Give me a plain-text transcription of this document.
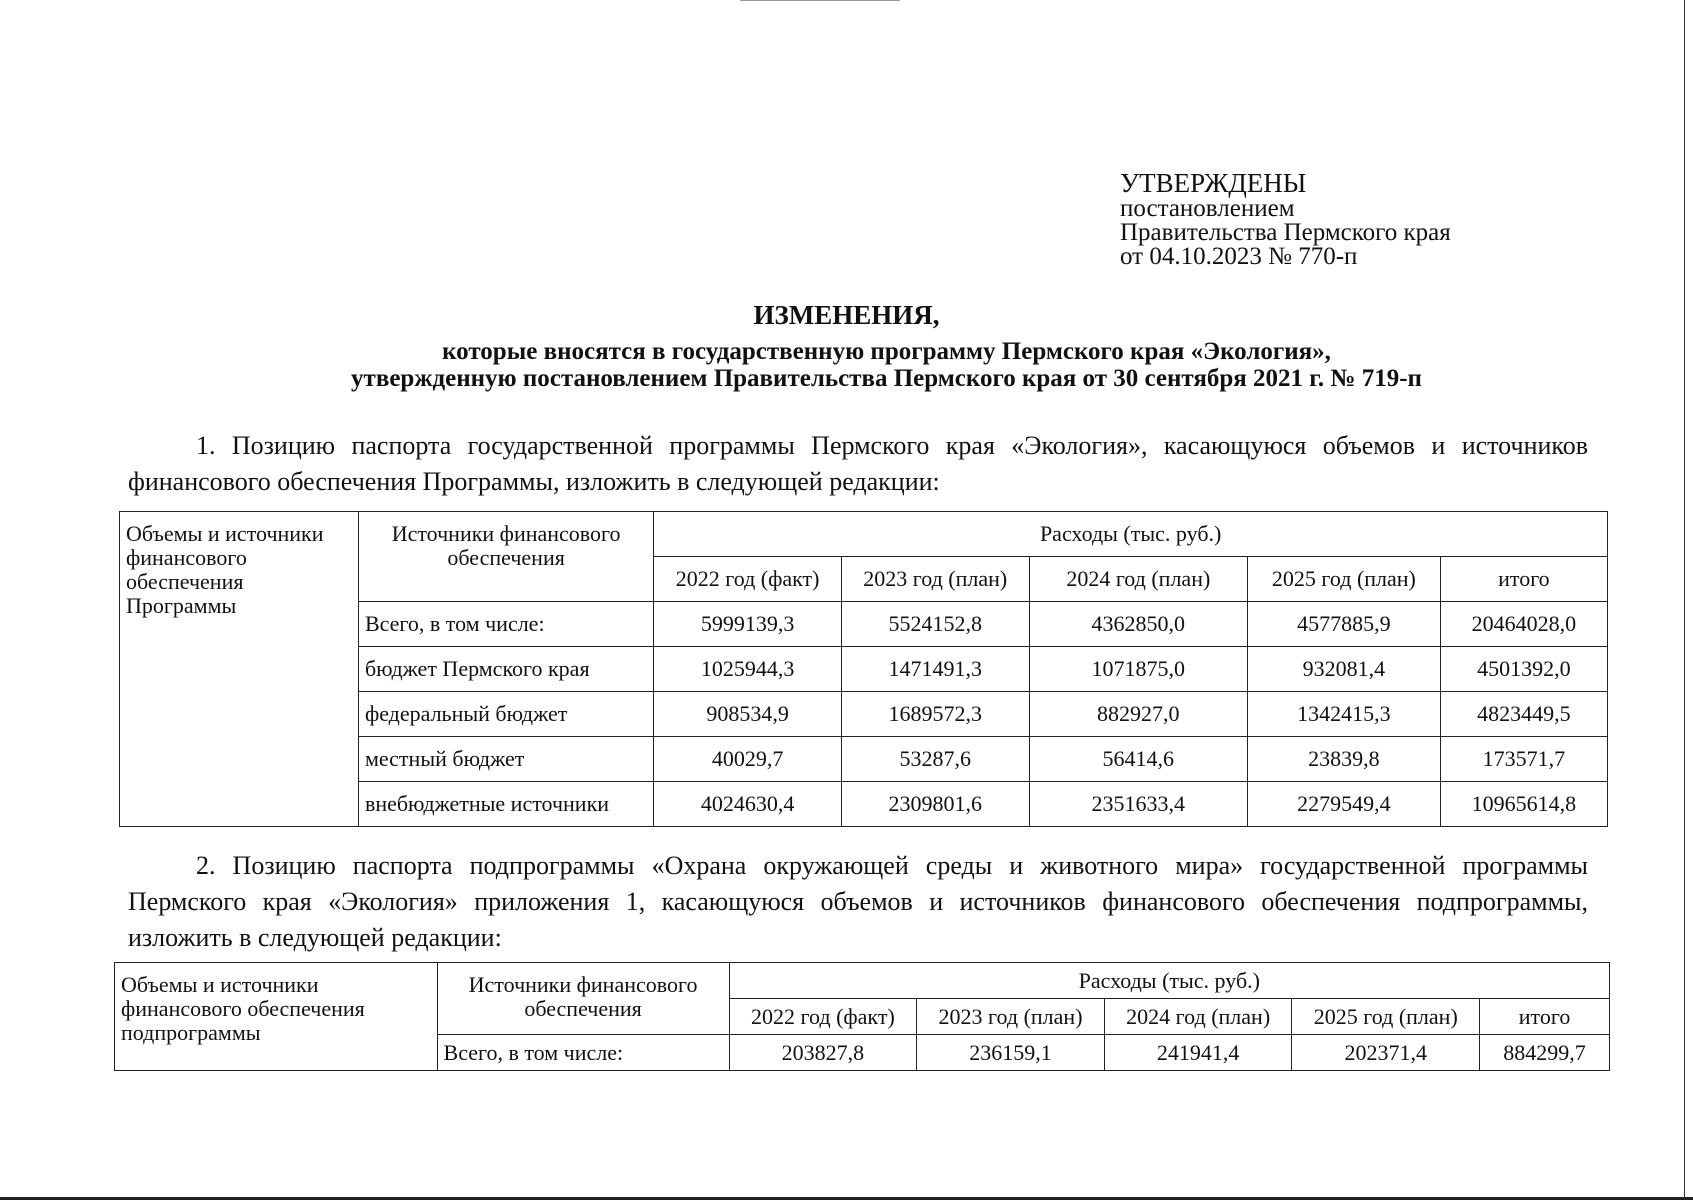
УТВЕРЖДЕНЫ
постановлением
Правительства Пермского края
от 04.10.2023 № 770-п
ИЗМЕНЕНИЯ,
которые вносятся в государственную программу Пермского края «Экология»,
утвержденную постановлением Правительства Пермского края от 30 сентября 2021 г. № 719-п
1. Позицию паспорта государственной программы Пермского края «Экология», касающуюся объемов и источников финансового обеспечения Программы, изложить в следующей редакции:
Объемы и источники финансового обеспечения Программы	Источники финансового обеспечения	Расходы (тыс. руб.)				
		2022 год (факт)	2023 год (план)	2024 год (план)	2025 год (план)	итого
	Всего, в том числе:	5999139,3	5524152,8	4362850,0	4577885,9	20464028,0
	бюджет Пермского края	1025944,3	1471491,3	1071875,0	932081,4	4501392,0
	федеральный бюджет	908534,9	1689572,3	882927,0	1342415,3	4823449,5
	местный бюджет	40029,7	53287,6	56414,6	23839,8	173571,7
	внебюджетные источники	4024630,4	2309801,6	2351633,4	2279549,4	10965614,8
2. Позицию паспорта подпрограммы «Охрана окружающей среды и животного мира» государственной программы Пермского края «Экология» приложения 1, касающуюся объемов и источников финансового обеспечения подпрограммы, изложить в следующей редакции:
Объемы и источники финансового обеспечения подпрограммы	Источники финансового обеспечения	Расходы (тыс. руб.)				
		2022 год (факт)	2023 год (план)	2024 год (план)	2025 год (план)	итого
	Всего, в том числе:	203827,8	236159,1	241941,4	202371,4	884299,7
